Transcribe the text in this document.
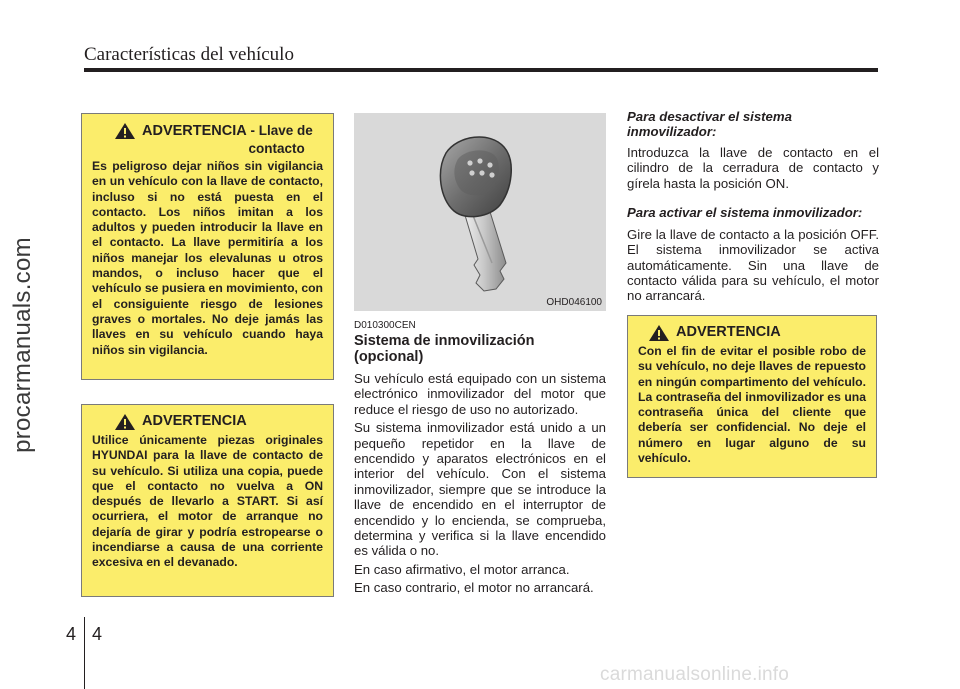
Características del vehículo
procarmanuals.com
ADVERTENCIA - Llave de
contacto
Es peligroso dejar niños sin vigilancia en un vehículo con la llave de contacto, incluso si no está puesta en el contacto. Los niños imitan a los adultos y pueden introducir la llave en el contacto. La llave permitiría a los niños manejar los elevalunas u otros mandos, o incluso hacer que el vehículo se pusiera en movimiento, con el consiguiente riesgo de lesiones graves o mortales. No deje jamás las llaves en su vehículo cuando haya niños sin vigilancia.
ADVERTENCIA
Utilice únicamente piezas originales HYUNDAI para la llave de contacto de su vehículo. Si utiliza una copia, puede que el contacto no vuelva a ON después de llevarlo a START. Si así ocurriera, el motor de arranque no dejaría de girar y podría estropearse o incendiarse a causa de una corriente excesiva en el devanado.
OHD046100
D010300CEN
Sistema de inmovilización (opcional)

Su vehículo está equipado con un sistema electrónico inmovilizador del motor que reduce el riesgo de uso no autorizado.

Su sistema inmovilizador está unido a un pequeño repetidor en la llave de encendido y aparatos electrónicos en el interior del vehículo. Con el sistema inmovilizador, siempre que se introduce la llave de encendido en el interruptor de encendido y lo encienda, se comprueba, determina y verifica si la llave encendido es válida o no.

En caso afirmativo, el motor arranca.

En caso contrario, el motor no arrancará.

Para desactivar el sistema inmovilizador:

Introduzca la llave de contacto en el cilindro de la cerradura de contacto y gírela hasta la posición ON.

Para activar el sistema inmovilizador:

Gire la llave de contacto a la posición OFF. El sistema inmovilizador se activa automáticamente. Sin una llave de contacto válida para su vehículo, el motor no arrancará.

ADVERTENCIA
Con el fin de evitar el posible robo de su vehículo, no deje llaves de repuesto en ningún compartimento del vehículo. La contraseña del inmovilizador es una contraseña única del cliente que debería ser confidencial. No deje el número en lugar alguno de su vehículo.
4 4
carmanualsonline.info
